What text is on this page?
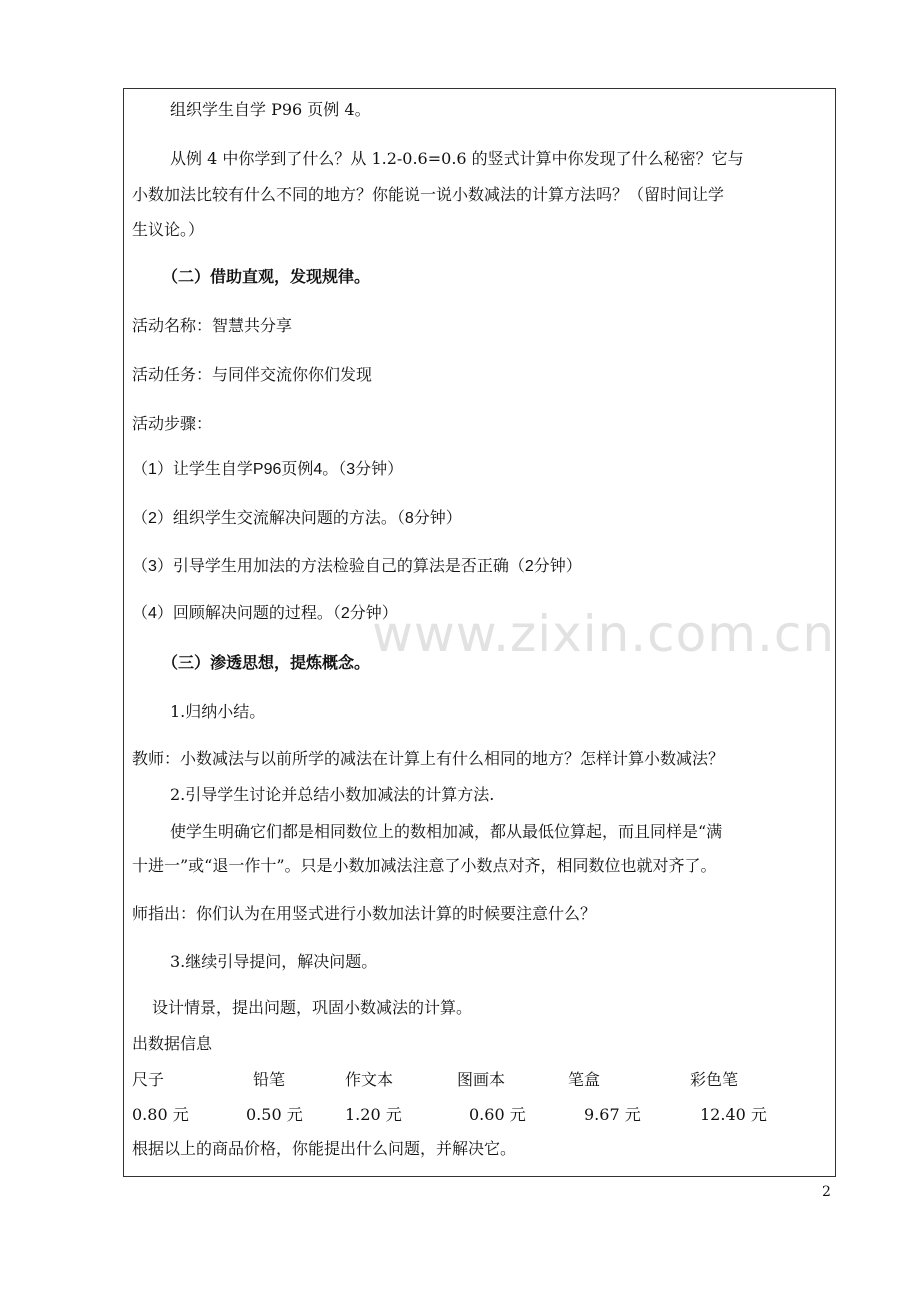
www.zixin.com.cn
组织学生自学 P96 页例 4。
从例 4 中你学到了什么？从 1.2-0.6=0.6 的竖式计算中你发现了什么秘密？它与
小数加法比较有什么不同的地方？你能说一说小数减法的计算方法吗？（留时间让学
生议论。）
（二）借助直观，发现规律。
活动名称：智慧共分享
活动任务：与同伴交流你你们发现
活动步骤：
（1）让学生自学P96页例4。（3分钟）
（2）组织学生交流解决问题的方法。（8分钟）
（3）引导学生用加法的方法检验自己的算法是否正确（2分钟）
（4）回顾解决问题的过程。（2分钟）
（三）渗透思想，提炼概念。
1.归纳小结。
教师：小数减法与以前所学的减法在计算上有什么相同的地方？怎样计算小数减法？
2.引导学生讨论并总结小数加减法的计算方法.
使学生明确它们都是相同数位上的数相加减，都从最低位算起，而且同样是“满
十进一”或“退一作十”。只是小数加减法注意了小数点对齐，相同数位也就对齐了。
师指出：你们认为在用竖式进行小数加法计算的时候要注意什么？
3.继续引导提问，解决问题。
设计情景，提出问题，巩固小数减法的计算。
出数据信息
尺子	铅笔	作文本	图画本	笔盒	彩色笔
0.80 元	0.50 元	1.20 元	0.60 元	9.67 元	12.40 元
根据以上的商品价格，你能提出什么问题，并解决它。
2
